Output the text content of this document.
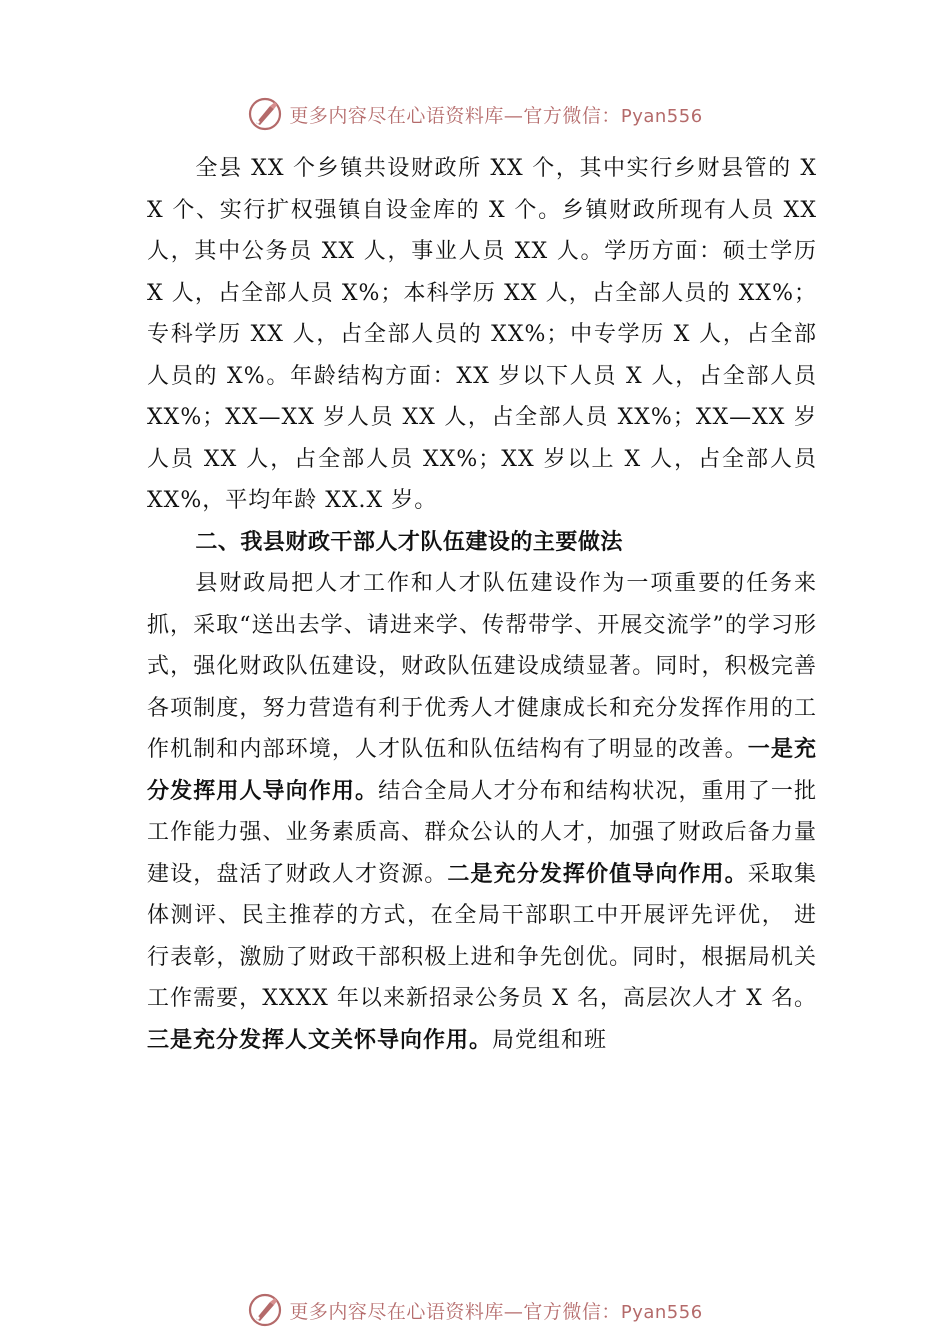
更多内容尽在心语资料库—官方微信：Pyan556

全县 XX 个乡镇共设财政所 XX 个，其中实行乡财县管的 XX 个、实行扩权强镇自设金库的 X 个。乡镇财政所现有人员 XX 人，其中公务员 XX 人，事业人员 XX 人。学历方面：硕士学历 X 人，占全部人员 X%；本科学历 XX 人，占全部人员的 XX%；专科学历 XX 人，占全部人员的 XX%；中专学历 X 人，占全部人员的 X%。年龄结构方面：XX 岁以下人员 X 人，占全部人员 XX%；XX—XX 岁人员 XX 人，占全部人员 XX%；XX—XX 岁人员 XX 人，占全部人员 XX%；XX 岁以上 X 人，占全部人员 XX%，平均年龄 XX.X 岁。

二、我县财政干部人才队伍建设的主要做法

县财政局把人才工作和人才队伍建设作为一项重要的任务来抓，采取“送出去学、请进来学、传帮带学、开展交流学”的学习形式，强化财政队伍建设，财政队伍建设成绩显著。同时，积极完善各项制度，努力营造有利于优秀人才健康成长和充分发挥作用的工作机制和内部环境，人才队伍和队伍结构有了明显的改善。一是充分发挥用人导向作用。结合全局人才分布和结构状况，重用了一批工作能力强、业务素质高、群众公认的人才，加强了财政后备力量建设，盘活了财政人才资源。二是充分发挥价值导向作用。采取集体测评、民主推荐的方式，在全局干部职工中开展评先评优， 进行表彰，激励了财政干部积极上进和争先创优。同时，根据局机关工作需要，XXXX 年以来新招录公务员 X 名，高层次人才 X 名。三是充分发挥人文关怀导向作用。局党组和班

更多内容尽在心语资料库—官方微信：Pyan556
